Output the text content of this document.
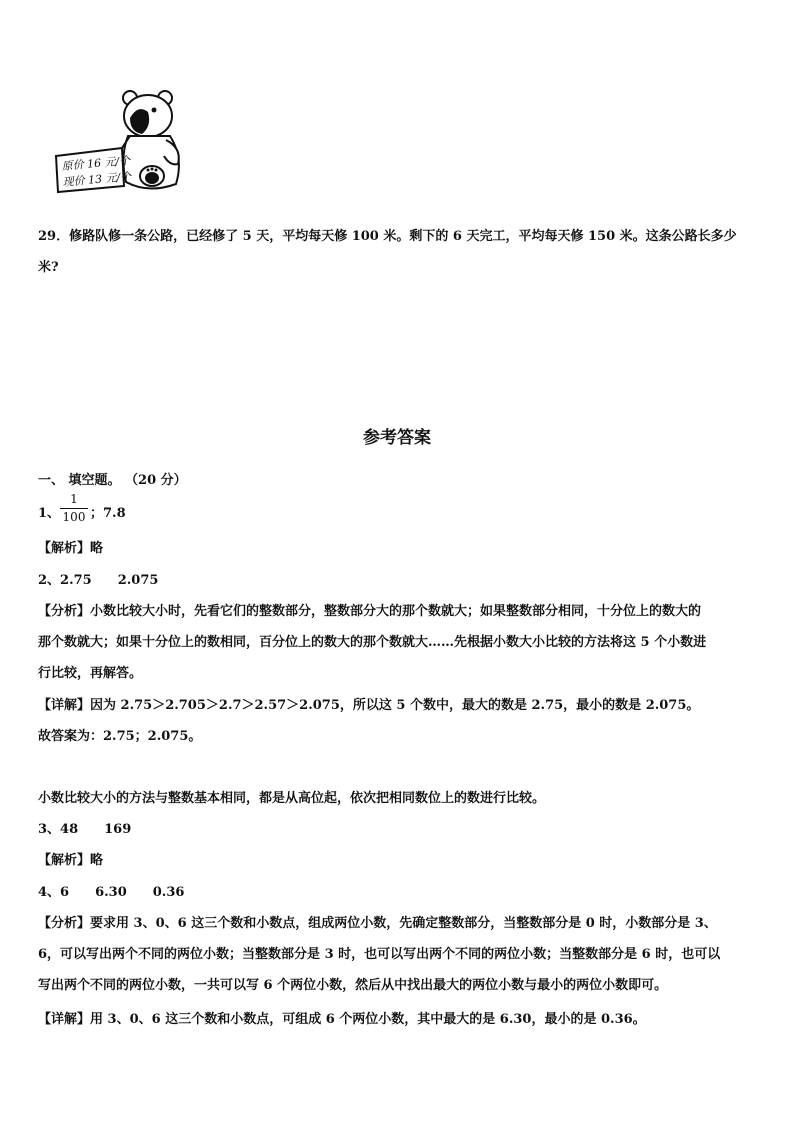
原价 16 元/个
现价 13 元/个
29．修路队修一条公路，已经修了 5 天，平均每天修 100 米。剩下的 6 天完工，平均每天修 150 米。这条公路长多少
米?
参考答案
一、 填空题。 （20 分）
1、
1
100 ；7.8
【解析】略
2、2.75 2.075
【分析】小数比较大小时，先看它们的整数部分，整数部分大的那个数就大；如果整数部分相同，十分位上的数大的
那个数就大；如果十分位上的数相同，百分位上的数大的那个数就大……先根据小数大小比较的方法将这 5 个小数进
行比较，再解答。
【详解】因为 2.75＞2.705＞2.7＞2.57＞2.075，所以这 5 个数中，最大的数是 2.75，最小的数是 2.075。
故答案为：2.75；2.075。
小数比较大小的方法与整数基本相同，都是从高位起，依次把相同数位上的数进行比较。
3、48 169
【解析】略
4、6 6.30 0.36
【分析】要求用 3、0、6 这三个数和小数点，组成两位小数，先确定整数部分，当整数部分是 0 时，小数部分是 3、
6，可以写出两个不同的两位小数；当整数部分是 3 时，也可以写出两个不同的两位小数；当整数部分是 6 时，也可以
写出两个不同的两位小数，一共可以写 6 个两位小数，然后从中找出最大的两位小数与最小的两位小数即可。
【详解】用 3、0、6 这三个数和小数点，可组成 6 个两位小数，其中最大的是 6.30，最小的是 0.36。
